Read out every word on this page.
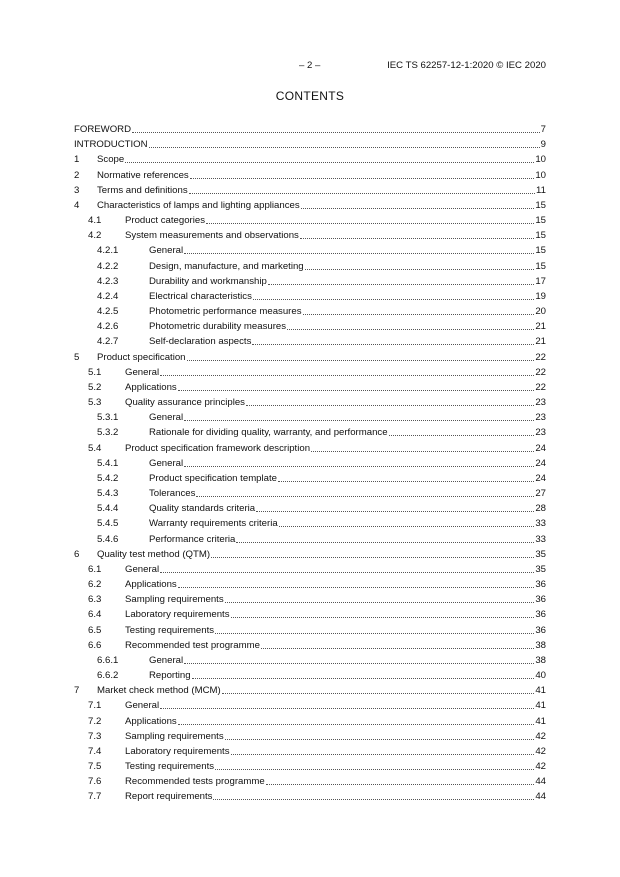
– 2 –	IEC TS 62257-12-1:2020 © IEC 2020
CONTENTS
FOREWORD	7
INTRODUCTION	9
1	Scope	10
2	Normative references	10
3	Terms and definitions	11
4	Characteristics of lamps and lighting appliances	15
4.1	Product categories	15
4.2	System measurements and observations	15
4.2.1	General	15
4.2.2	Design, manufacture, and marketing	15
4.2.3	Durability and workmanship	17
4.2.4	Electrical characteristics	19
4.2.5	Photometric performance measures	20
4.2.6	Photometric durability measures	21
4.2.7	Self-declaration aspects	21
5	Product specification	22
5.1	General	22
5.2	Applications	22
5.3	Quality assurance principles	23
5.3.1	General	23
5.3.2	Rationale for dividing quality, warranty, and performance	23
5.4	Product specification framework description	24
5.4.1	General	24
5.4.2	Product specification template	24
5.4.3	Tolerances	27
5.4.4	Quality standards criteria	28
5.4.5	Warranty requirements criteria	33
5.4.6	Performance criteria	33
6	Quality test method (QTM)	35
6.1	General	35
6.2	Applications	36
6.3	Sampling requirements	36
6.4	Laboratory requirements	36
6.5	Testing requirements	36
6.6	Recommended test programme	38
6.6.1	General	38
6.6.2	Reporting	40
7	Market check method (MCM)	41
7.1	General	41
7.2	Applications	41
7.3	Sampling requirements	42
7.4	Laboratory requirements	42
7.5	Testing requirements	42
7.6	Recommended tests programme	44
7.7	Report requirements	44
